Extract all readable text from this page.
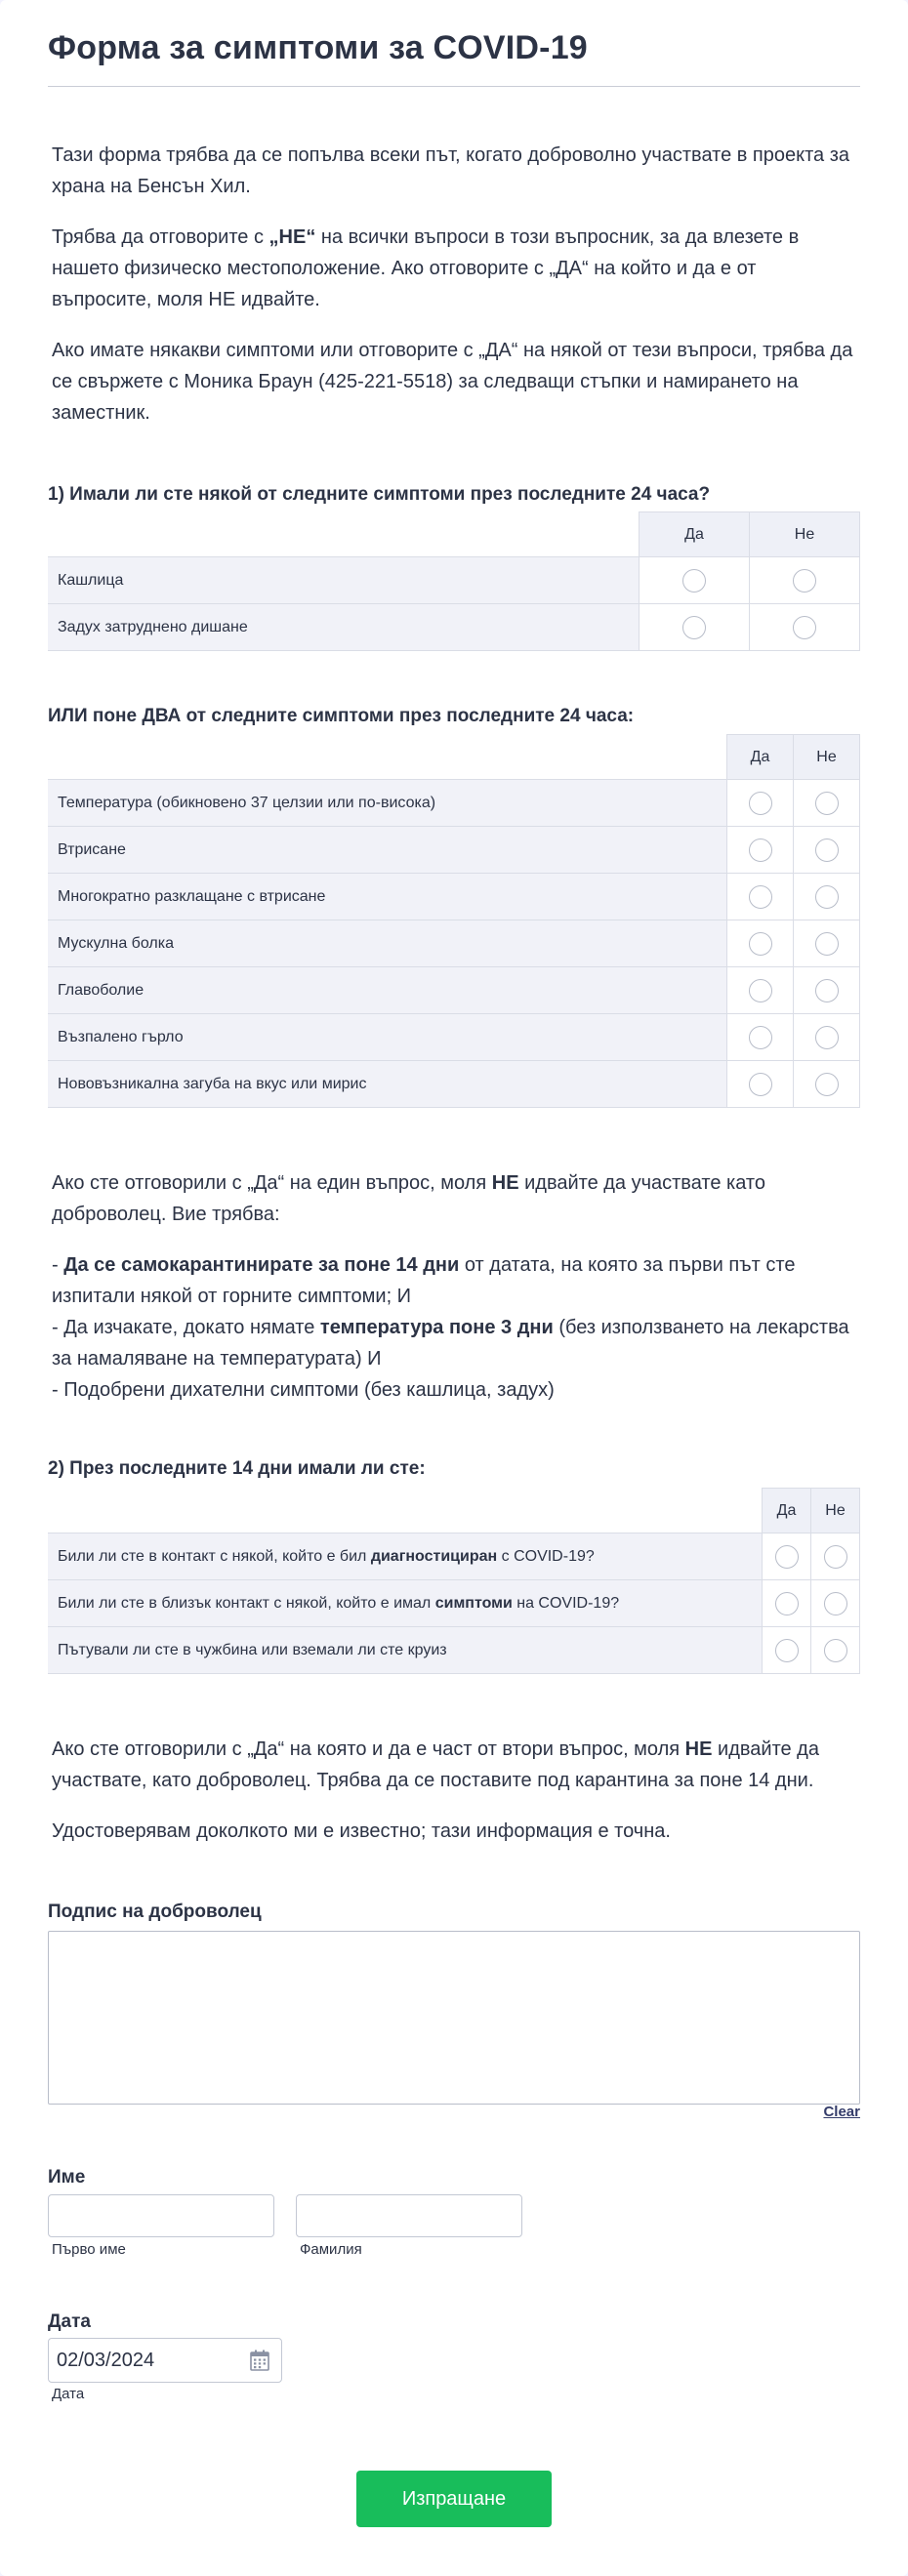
Форма за симптоми за COVID-19

Тази форма трябва да се попълва всеки път, когато доброволно участвате в проекта за храна на Бенсън Хил.

Трябва да отговорите с „НЕ“ на всички въпроси в този въпросник, за да влезете в нашето физическо местоположение. Ако отговорите с „ДА“ на който и да е от въпросите, моля НЕ идвайте.

Ако имате някакви симптоми или отговорите с „ДА“ на някой от тези въпроси, трябва да се свържете с Моника Браун (425-221-5518) за следващи стъпки и намирането на заместник.

1) Имали ли сте някой от следните симптоми през последните 24 часа?
	Да	Не
Кашлица		
Задух затруднено дишане		
ИЛИ поне ДВА от следните симптоми през последните 24 часа:
	Да	Не
Температура (обикновено 37 целзии или по-висока)		
Втрисане		
Многократно разклащане с втрисане		
Мускулна болка		
Главоболие		
Възпалено гърло		
Нововъзникална загуба на вкус или мирис		

Ако сте отговорили с „Да“ на един въпрос, моля НЕ идвайте да участвате като доброволец. Вие трябва:

- Да се самокарантинирате за поне 14 дни от датата, на която за първи път сте изпитали някой от горните симптоми; И
- Да изчакате, докато нямате температура поне 3 дни (без използването на лекарства за намаляване на температурата) И
- Подобрени дихателни симптоми (без кашлица, задух)

2) През последните 14 дни имали ли сте:
	Да	Не
Били ли сте в контакт с някой, който е бил диагностициран с COVID-19?		
Били ли сте в близък контакт с някой, който е имал симптоми на COVID-19?		
Пътували ли сте в чужбина или вземали ли сте круиз		

Ако сте отговорили с „Да“ на която и да е част от втори въпрос, моля НЕ идвайте да участвате, като доброволец. Трябва да се поставите под карантина за поне 14 дни.

Удостоверявам доколкото ми е известно; тази информация е точна.

Подпис на доброволец
Clear
Име
Първо име	Фамилия
Дата
02/03/2024
Дата
Изпращане
